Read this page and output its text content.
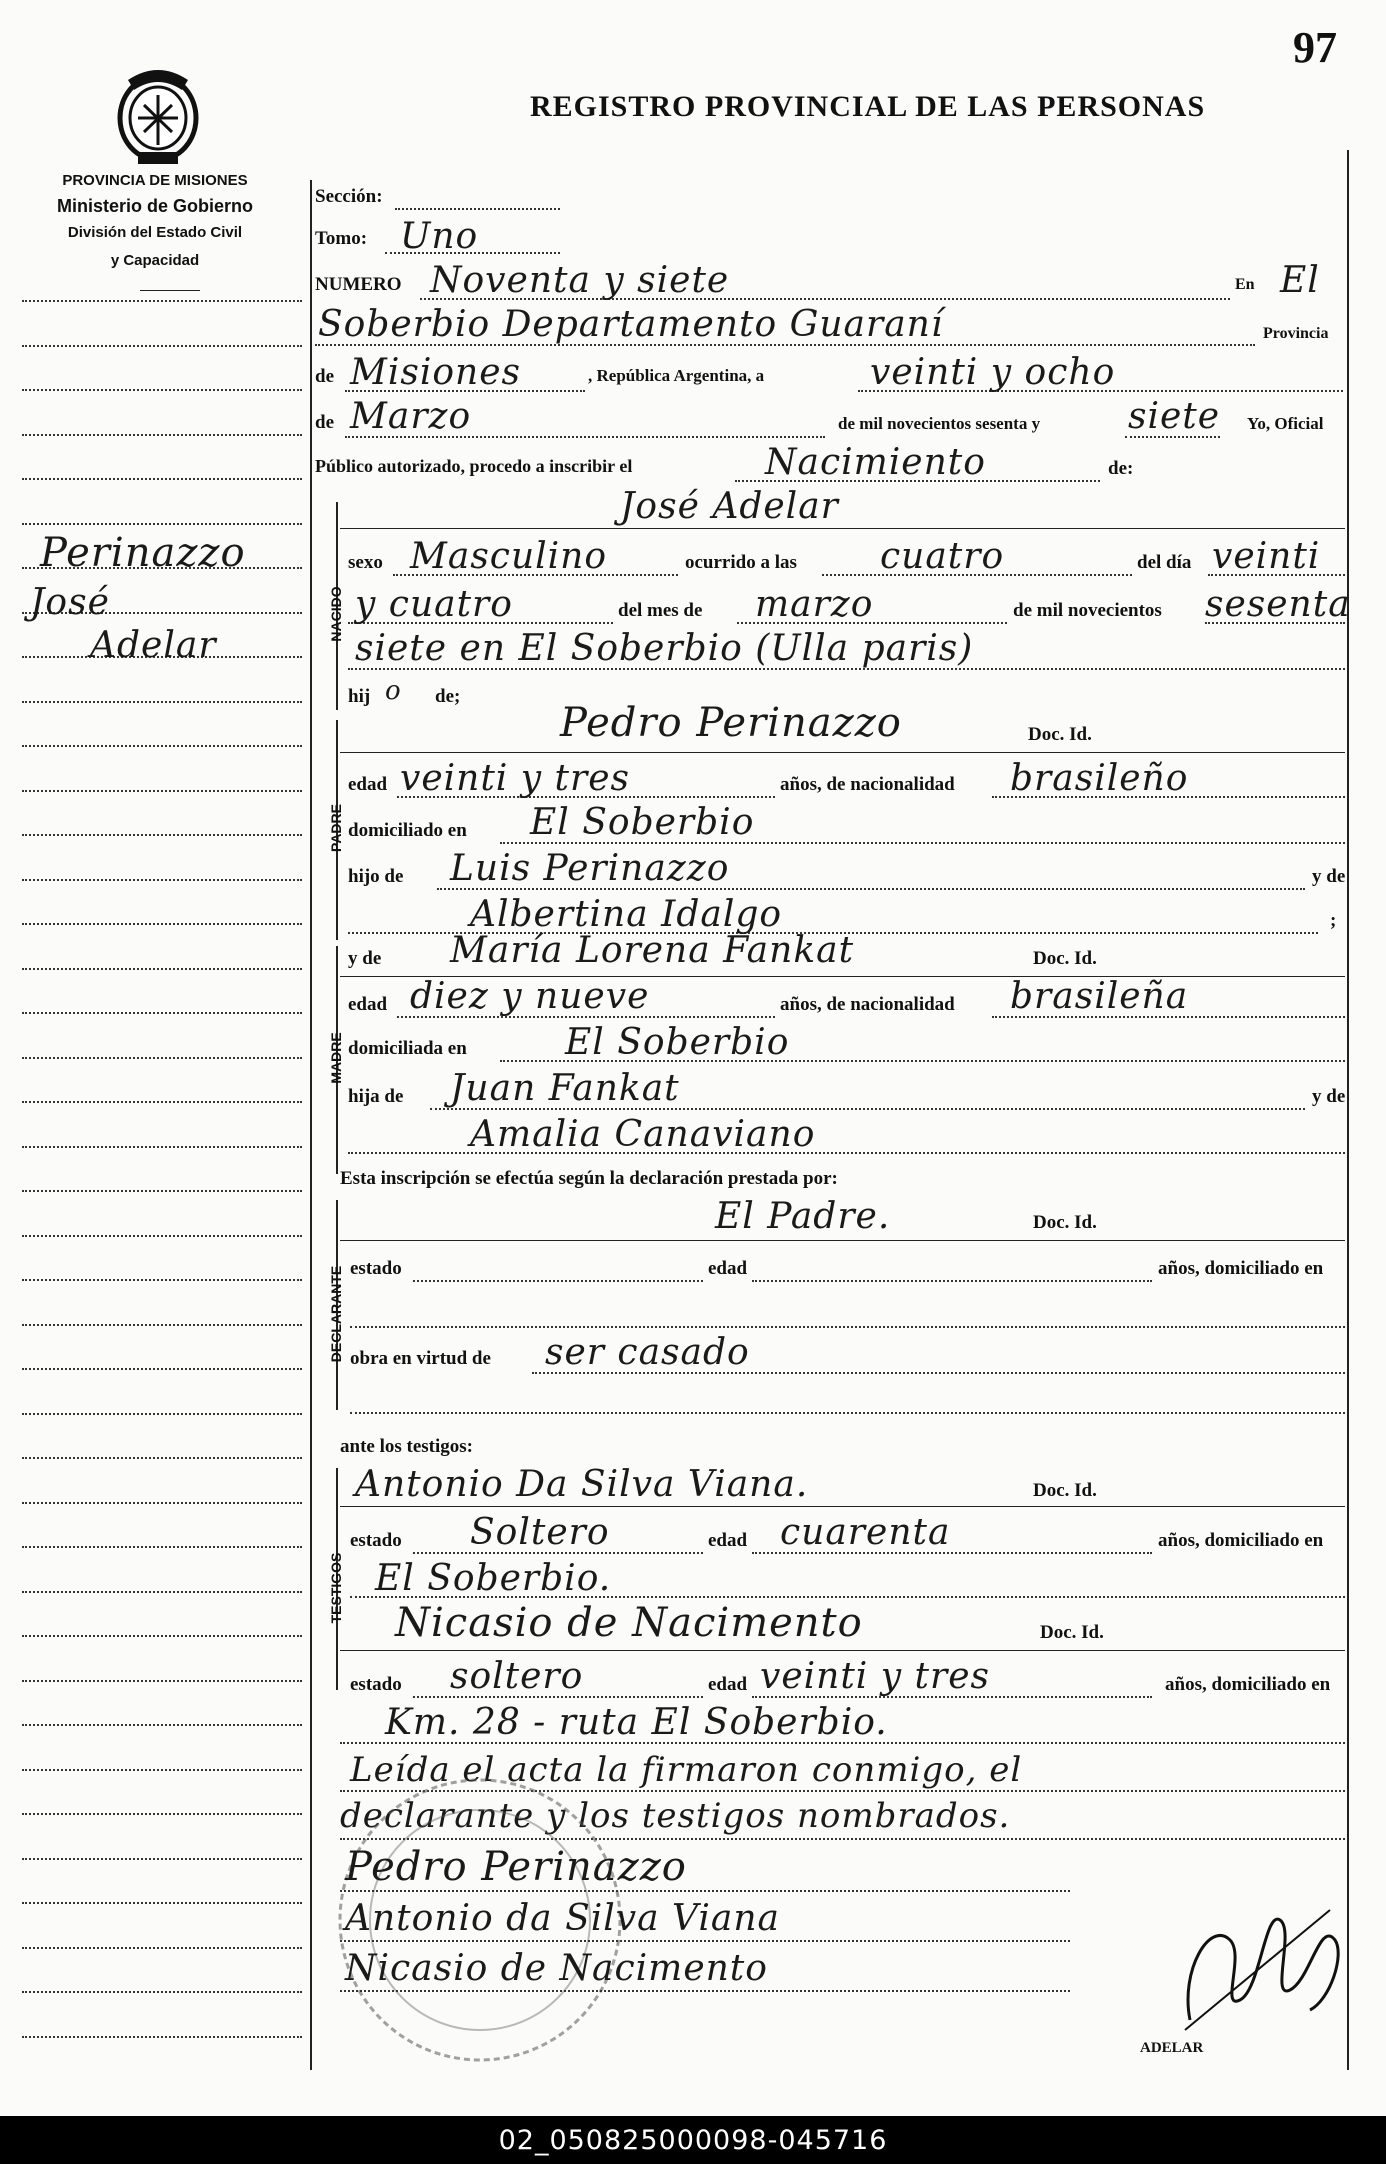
97
REGISTRO PROVINCIAL DE LAS PERSONAS
PROVINCIA DE MISIONES
Ministerio de Gobierno
División del Estado Civil
y Capacidad
Perinazzo
José
Adelar
Sección:
Tomo: Uno
NUMERO Noventa y siete	En El
Soberbio Departamento Guaraní	Provincia
de Misiones	, República Argentina, a	veinti y ocho
de Marzo	de mil novecientos sesenta y siete Yo, Oficial
Público autorizado, procedo a inscribir el	Nacimiento	de:
NACIDO
José Adelar
sexo Masculino	ocurrido a las cuatro	del día veinti
y cuatro	del mes de marzo	de mil novecientos sesenta
siete en El Soberbio (Ulla paris)
hij o de;
PADRE
Pedro Perinazzo	Doc. Id.
edad veinti y tres	años, de nacionalidad brasileño
domiciliado en El Soberbio
hijo de Luis Perinazzo	y de
Albertina Idalgo	;
MADRE
y de María Lorena Fankat	Doc. Id.
edad diez y nueve	años, de nacionalidad brasileña
domiciliada en	El Soberbio
hija de Juan Fankat	y de
Amalia Canaviano
Esta inscripción se efectúa según la declaración prestada por:
DECLARANTE
El Padre.	Doc. Id.
estado	edad	años, domiciliado en
obra en virtud de ser casado
ante los testigos:
TESTIGOS
Antonio Da Silva Viana.	Doc. Id.
estado Soltero	edad cuarenta	años, domiciliado en
El Soberbio.
Nicasio de Nacimento	Doc. Id.
estado soltero	edad veinti y tres	años, domiciliado en
Km. 28 - ruta El Soberbio.
Leída el acta la firmaron conmigo, el
declarante y los testigos nombrados.
Pedro Perinazzo
Antonio da Silva Viana
Nicasio de Nacimento
ADELAR
02_050825000098-045716
